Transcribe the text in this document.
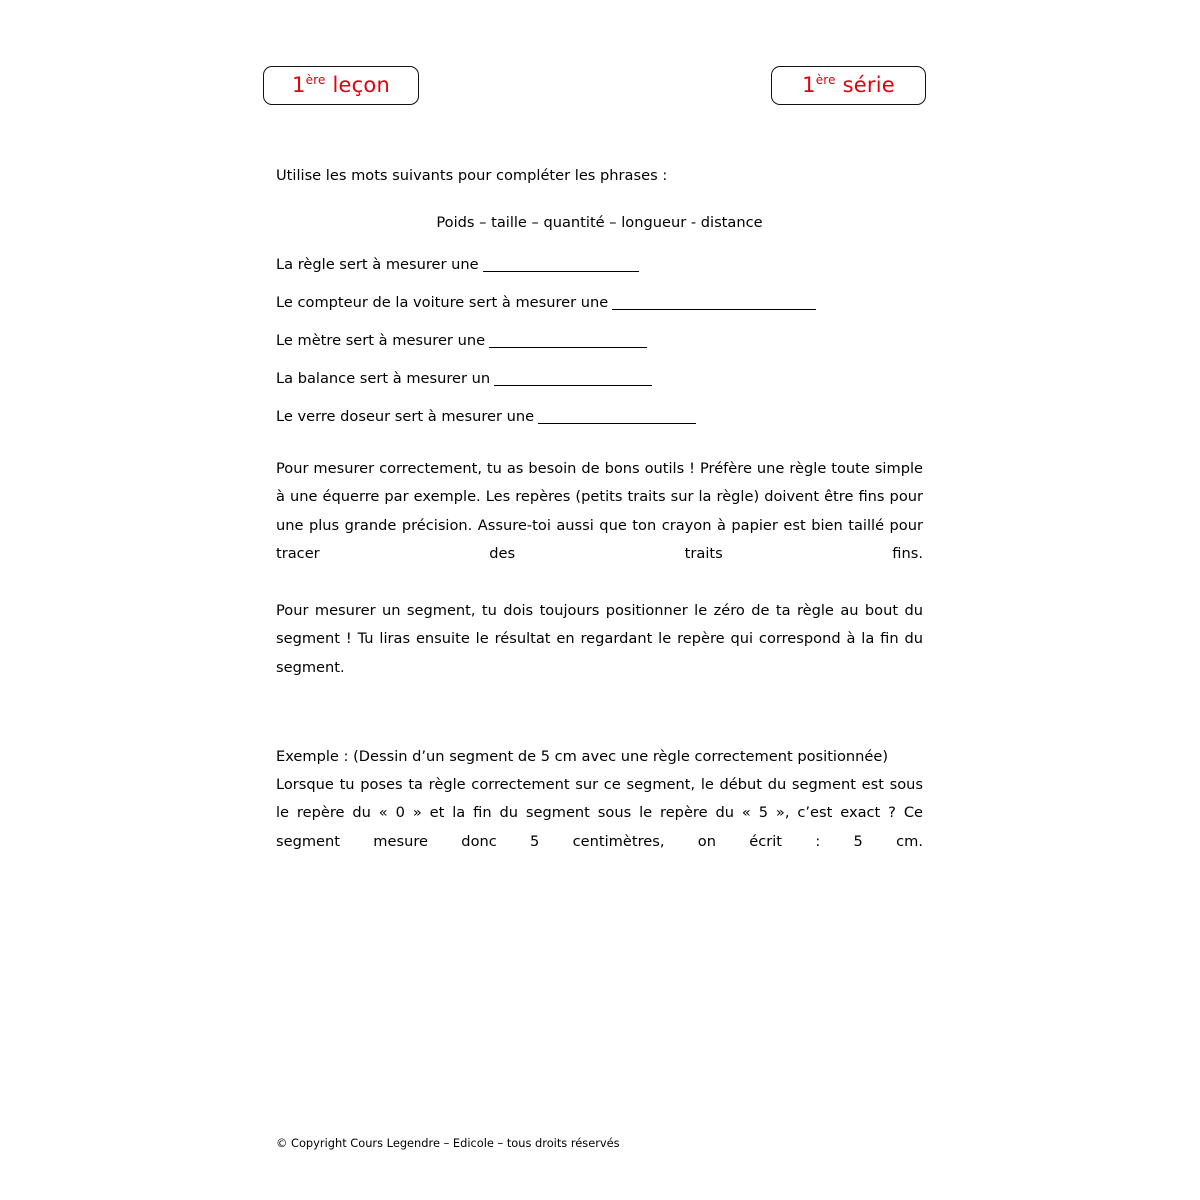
1ère leçon	1ère série

Utilise les mots suivants pour compléter les phrases :

Poids – taille – quantité – longueur - distance

La règle sert à mesurer une
Le compteur de la voiture sert à mesurer une
Le mètre sert à mesurer une
La balance sert à mesurer un
Le verre doseur sert à mesurer une

Pour mesurer correctement, tu as besoin de bons outils ! Préfère une règle toute simple à une équerre par exemple. Les repères (petits traits sur la règle) doivent être fins pour une plus grande précision. Assure-toi aussi que ton crayon à papier est bien taillé pour tracer des traits fins.

Pour mesurer un segment, tu dois toujours positionner le zéro de ta règle au bout du segment ! Tu liras ensuite le résultat en regardant le repère qui correspond à la fin du segment.

Exemple : (Dessin d’un segment de 5 cm avec une règle correctement positionnée)

Lorsque tu poses ta règle correctement sur ce segment, le début du segment est sous le repère du « 0 » et la fin du segment sous le repère du « 5 », c’est exact ? Ce segment mesure donc 5 centimètres, on écrit : 5 cm.

© Copyright Cours Legendre – Edicole – tous droits réservés
